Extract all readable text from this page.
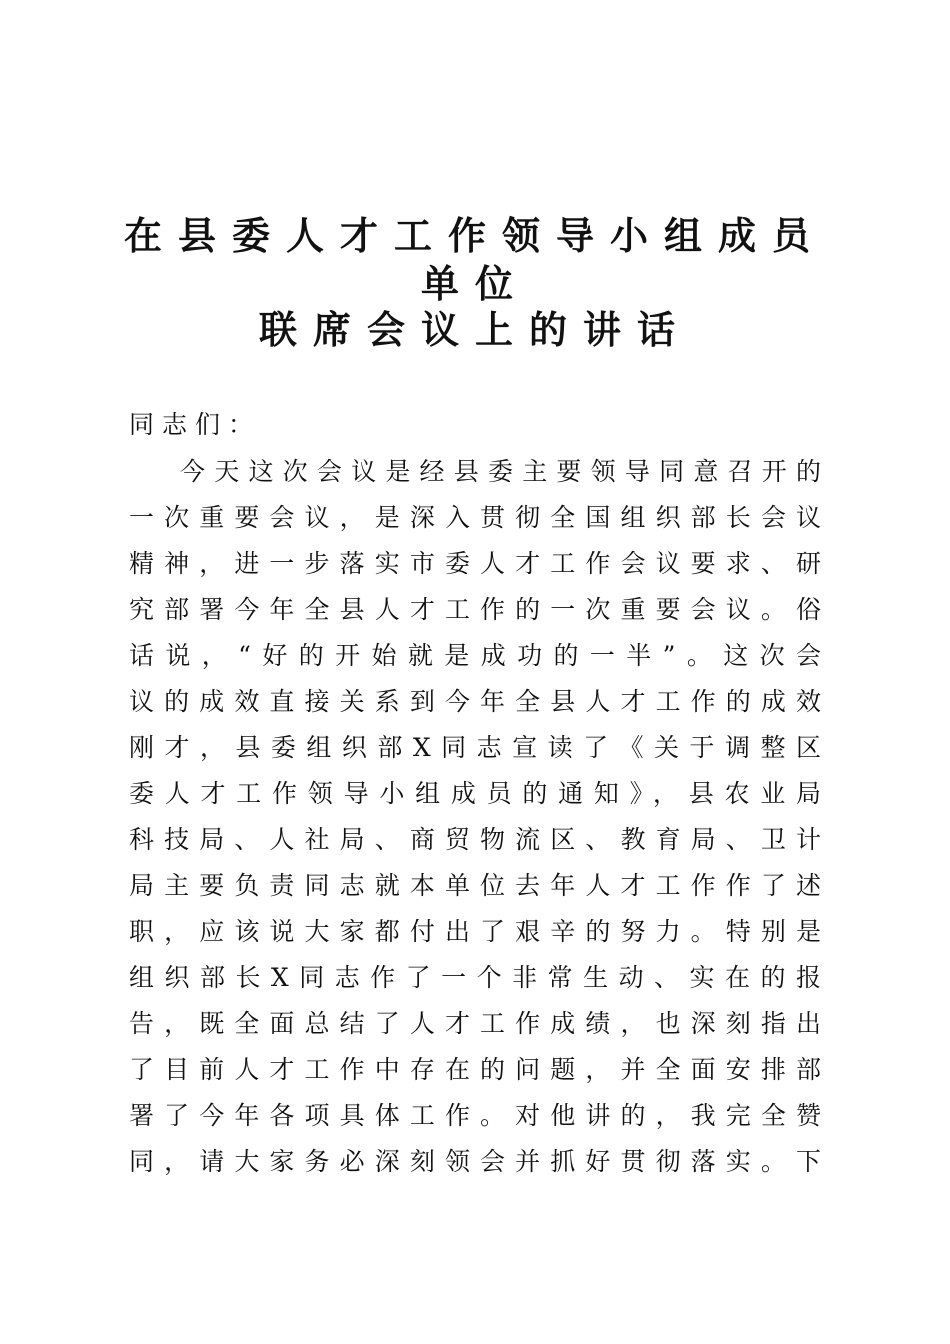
在县委人才工作领导小组成员
单位
联席会议上的讲话

同志们：

今天这次会议是经县委主要领导同意召开的

一次重要会议，是深入贯彻全国组织部长会议

精神，进一步落实市委人才工作会议要求、研

究部署今年全县人才工作的一次重要会议。俗

话说，“好的开始就是成功的一半”。这次会

议的成效直接关系到今年全县人才工作的成效

刚才，县委组织部X同志宣读了《关于调整区

委人才工作领导小组成员的通知》，县农业局

科技局、人社局、商贸物流区、教育局、卫计

局主要负责同志就本单位去年人才工作作了述

职，应该说大家都付出了艰辛的努力。特别是

组织部长X同志作了一个非常生动、实在的报

告，既全面总结了人才工作成绩，也深刻指出

了目前人才工作中存在的问题，并全面安排部

署了今年各项具体工作。对他讲的，我完全赞

同，请大家务必深刻领会并抓好贯彻落实。下
